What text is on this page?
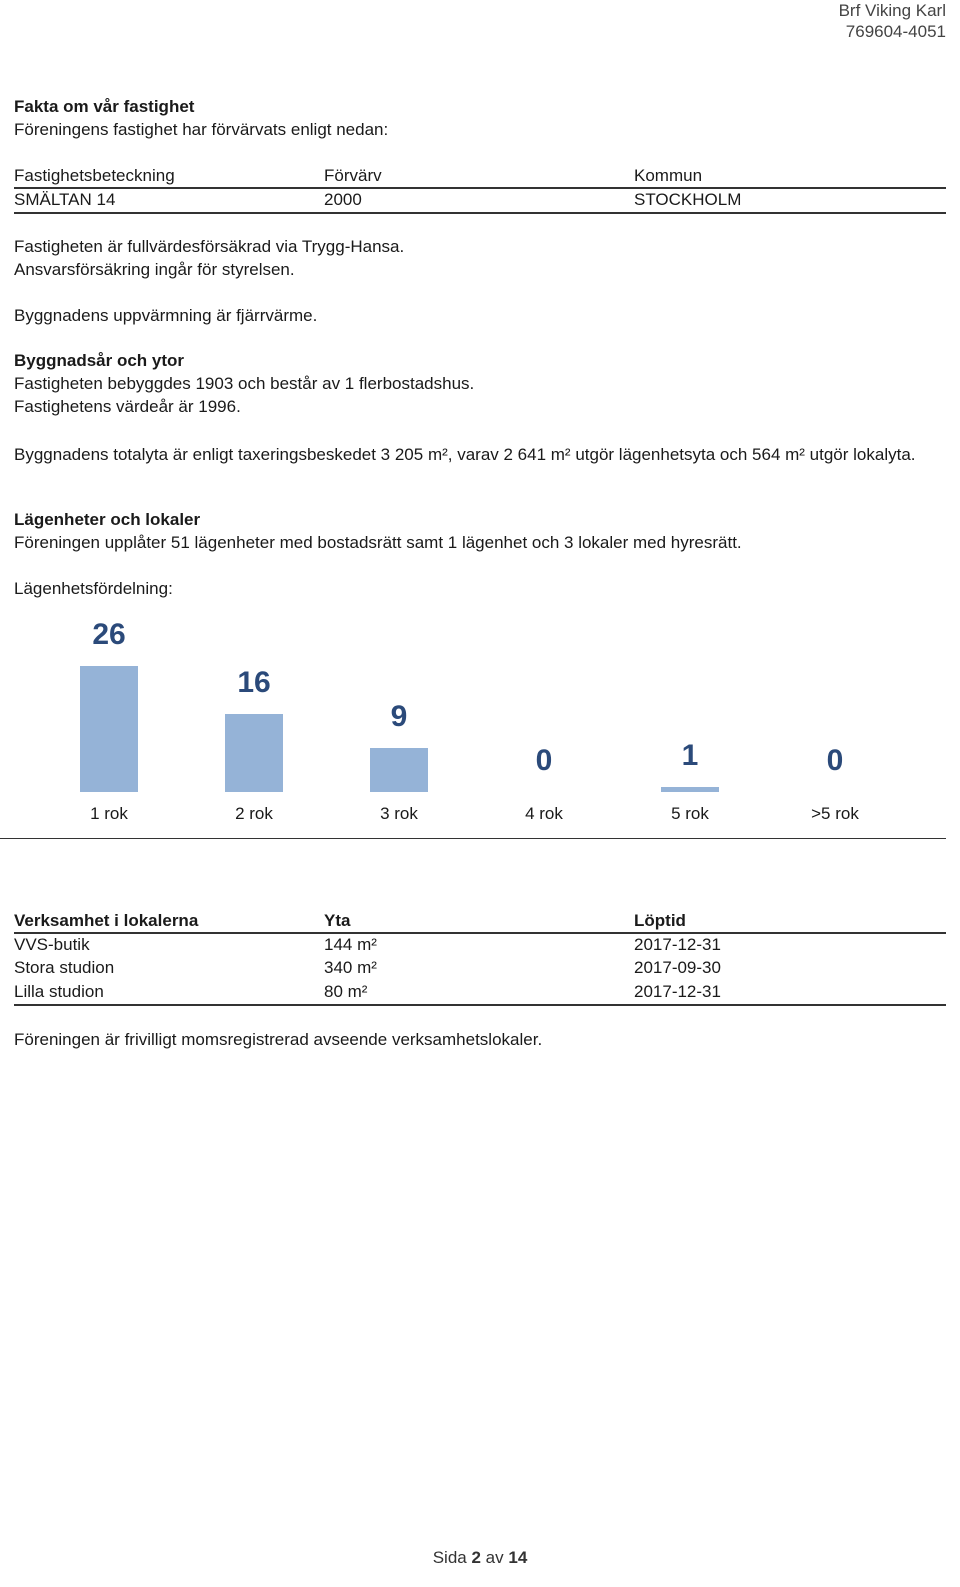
Brf Viking Karl
769604-4051
Fakta om vår fastighet
Föreningens fastighet har förvärvats enligt nedan:
Fastighetsbeteckning	Förvärv	Kommun
SMÄLTAN 14	2000	STOCKHOLM
Fastigheten är fullvärdesförsäkrad via Trygg-Hansa.
Ansvarsförsäkring ingår för styrelsen.
Byggnadens uppvärmning är fjärrvärme.
Byggnadsår och ytor
Fastigheten bebyggdes 1903 och består av 1 flerbostadshus.
Fastighetens värdeår är 1996.
Byggnadens totalyta är enligt taxeringsbeskedet 3 205 m², varav 2 641 m² utgör lägenhetsyta och 564 m² utgör lokalyta.
Lägenheter och lokaler
Föreningen upplåter 51 lägenheter med bostadsrätt samt 1 lägenhet och 3 lokaler med hyresrätt.
Lägenhetsfördelning:
26
1 rok
16
2 rok
9
3 rok
0
4 rok
1
5 rok
0
>5 rok
Verksamhet i lokalerna	Yta	Löptid
VVS-butik	144 m²	2017-12-31
Stora studion	340 m²	2017-09-30
Lilla studion	80 m²	2017-12-31
Föreningen är frivilligt momsregistrerad avseende verksamhetslokaler.
Sida 2 av 14
